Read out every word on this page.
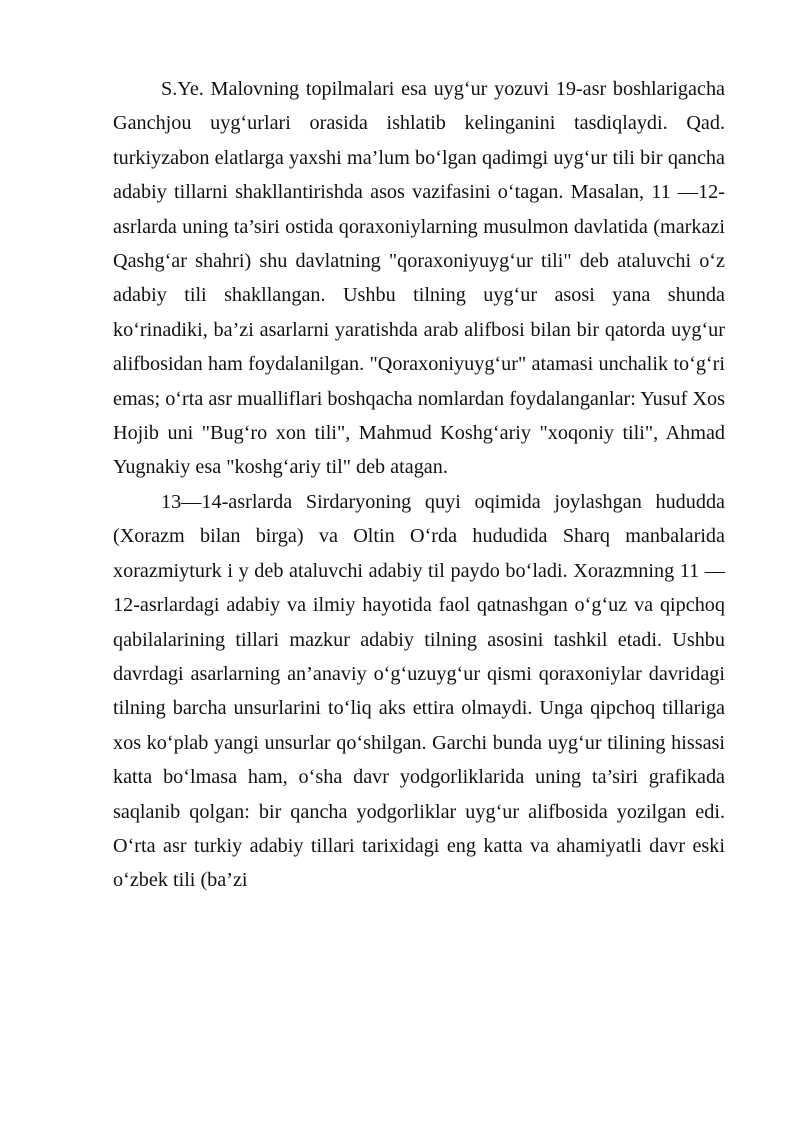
S.Ye. Malovning topilmalari esa uyg‘ur yozuvi 19-asr boshlarigacha Ganchjou uyg‘urlari orasida ishlatib kelinganini tasdiqlaydi. Qad. turkiyzabon elatlarga yaxshi ma’lum bo‘lgan qadimgi uyg‘ur tili bir qancha adabiy tillarni shakllantirishda asos vazifasini o‘tagan. Masalan, 11 —12-asrlarda uning ta’siri ostida qoraxoniylarning musulmon davlatida (markazi Qashg‘ar shahri) shu davlatning "qoraxoniyuyg‘ur tili" deb ataluvchi o‘z adabiy tili shakllangan. Ushbu tilning uyg‘ur asosi yana shunda ko‘rinadiki, ba’zi asarlarni yaratishda arab alifbosi bilan bir qatorda uyg‘ur alifbosidan ham foydalanilgan. "Qoraxoniyuyg‘ur" atamasi unchalik to‘g‘ri emas; o‘rta asr mualliflari boshqacha nomlardan foydalanganlar: Yusuf Xos Hojib uni "Bug‘ro xon tili", Mahmud Koshg‘ariy "xoqoniy tili", Ahmad Yugnakiy esa "koshg‘ariy til" deb atagan.

13—14-asrlarda Sirdaryoning quyi oqimida joylashgan hududda (Xorazm bilan birga) va Oltin O‘rda hududida Sharq manbalarida xorazmiyturk i y deb ataluvchi adabiy til paydo bo‘ladi. Xorazmning 11 —12-asrlardagi adabiy va ilmiy hayotida faol qatnashgan o‘g‘uz va qipchoq qabilalarining tillari mazkur adabiy tilning asosini tashkil etadi. Ushbu davrdagi asarlarning an’anaviy o‘g‘uzuyg‘ur qismi qoraxoniylar davridagi tilning barcha unsurlarini to‘liq aks ettira olmaydi. Unga qipchoq tillariga xos ko‘plab yangi unsurlar qo‘shilgan. Garchi bunda uyg‘ur tilining hissasi katta bo‘lmasa ham, o‘sha davr yodgorliklarida uning ta’siri grafikada saqlanib qolgan: bir qancha yodgorliklar uyg‘ur alifbosida yozilgan edi. O‘rta asr turkiy adabiy tillari tarixidagi eng katta va ahamiyatli davr eski o‘zbek tili (ba’zi
